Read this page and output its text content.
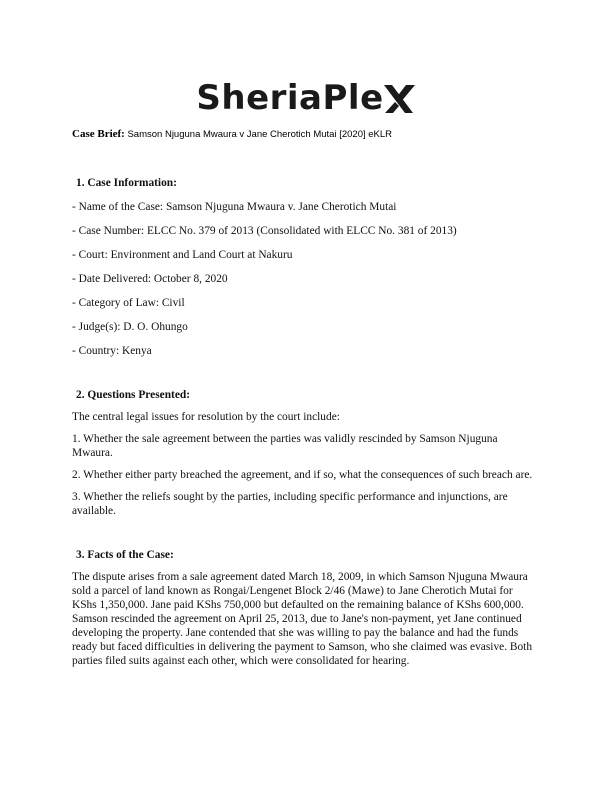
SheriaPle
Case Brief: Samson Njuguna Mwaura v Jane Cherotich Mutai [2020] eKLR
1. Case Information:

- Name of the Case: Samson Njuguna Mwaura v. Jane Cherotich Mutai

- Case Number: ELCC No. 379 of 2013 (Consolidated with ELCC No. 381 of 2013)

- Court: Environment and Land Court at Nakuru

- Date Delivered: October 8, 2020

- Category of Law: Civil

- Judge(s): D. O. Ohungo

- Country: Kenya

2. Questions Presented:

The central legal issues for resolution by the court include:

1. Whether the sale agreement between the parties was validly rescinded by Samson Njuguna Mwaura.

2. Whether either party breached the agreement, and if so, what the consequences of such breach are.

3. Whether the reliefs sought by the parties, including specific performance and injunctions, are available.

3. Facts of the Case:

The dispute arises from a sale agreement dated March 18, 2009, in which Samson Njuguna Mwaura sold a parcel of land known as Rongai/Lengenet Block 2/46 (Mawe) to Jane Cherotich Mutai for KShs 1,350,000. Jane paid KShs 750,000 but defaulted on the remaining balance of KShs 600,000. Samson rescinded the agreement on April 25, 2013, due to Jane's non-payment, yet Jane continued developing the property. Jane contended that she was willing to pay the balance and had the funds ready but faced difficulties in delivering the payment to Samson, who she claimed was evasive. Both parties filed suits against each other, which were consolidated for hearing.
